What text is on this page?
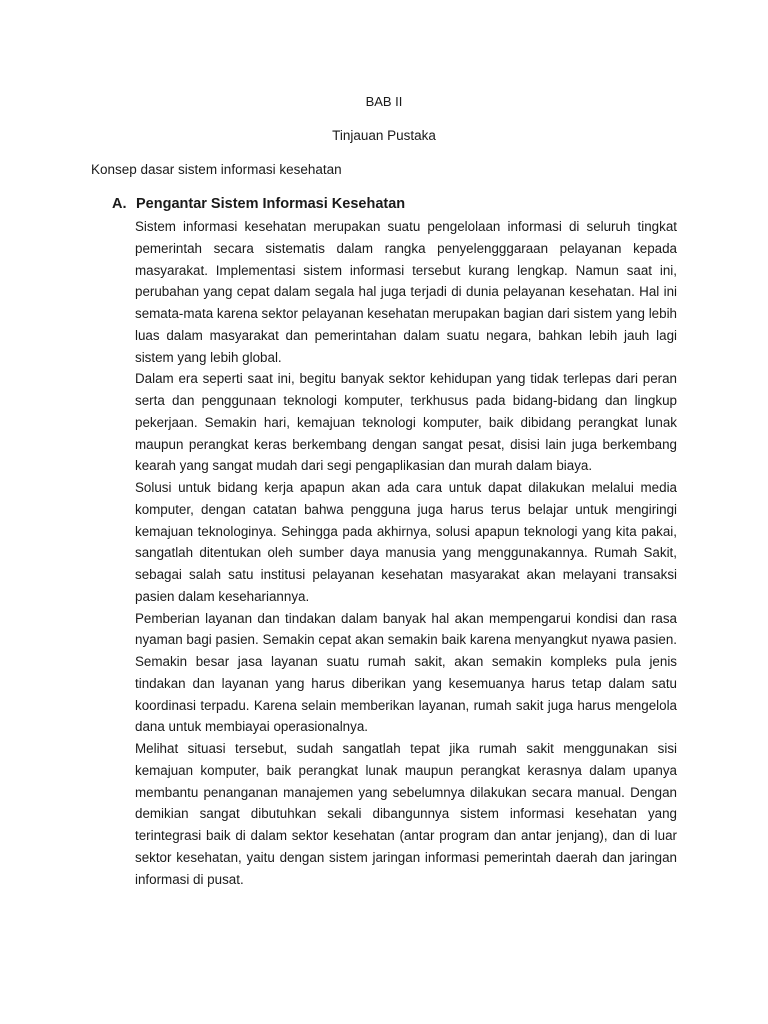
BAB II
Tinjauan Pustaka
Konsep dasar sistem informasi kesehatan
A. Pengantar Sistem Informasi Kesehatan

Sistem informasi kesehatan merupakan suatu pengelolaan informasi di seluruh tingkat pemerintah secara sistematis dalam rangka penyelengggaraan pelayanan kepada masyarakat. Implementasi sistem informasi tersebut kurang lengkap. Namun saat ini, perubahan yang cepat dalam segala hal juga terjadi di dunia pelayanan kesehatan. Hal ini semata-mata karena sektor pelayanan kesehatan merupakan bagian dari sistem yang lebih luas dalam masyarakat dan pemerintahan dalam suatu negara, bahkan lebih jauh lagi sistem yang lebih global.

Dalam era seperti saat ini, begitu banyak sektor kehidupan yang tidak terlepas dari peran serta dan penggunaan teknologi komputer, terkhusus pada bidang-bidang dan lingkup pekerjaan. Semakin hari, kemajuan teknologi komputer, baik dibidang perangkat lunak maupun perangkat keras berkembang dengan sangat pesat, disisi lain juga berkembang kearah yang sangat mudah dari segi pengaplikasian dan murah dalam biaya.

Solusi untuk bidang kerja apapun akan ada cara untuk dapat dilakukan melalui media komputer, dengan catatan bahwa pengguna juga harus terus belajar untuk mengiringi kemajuan teknologinya. Sehingga pada akhirnya, solusi apapun teknologi yang kita pakai, sangatlah ditentukan oleh sumber daya manusia yang menggunakannya. Rumah Sakit, sebagai salah satu institusi pelayanan kesehatan masyarakat akan melayani transaksi pasien dalam kesehariannya.

Pemberian layanan dan tindakan dalam banyak hal akan mempengarui kondisi dan rasa nyaman bagi pasien. Semakin cepat akan semakin baik karena menyangkut nyawa pasien. Semakin besar jasa layanan suatu rumah sakit, akan semakin kompleks pula jenis tindakan dan layanan yang harus diberikan yang kesemuanya harus tetap dalam satu koordinasi terpadu. Karena selain memberikan layanan, rumah sakit juga harus mengelola dana untuk membiayai operasionalnya.

Melihat situasi tersebut, sudah sangatlah tepat jika rumah sakit menggunakan sisi kemajuan komputer, baik perangkat lunak maupun perangkat kerasnya dalam upanya membantu penanganan manajemen yang sebelumnya dilakukan secara manual. Dengan demikian sangat dibutuhkan sekali dibangunnya sistem informasi kesehatan yang terintegrasi baik di dalam sektor kesehatan (antar program dan antar jenjang), dan di luar sektor kesehatan, yaitu dengan sistem jaringan informasi pemerintah daerah dan jaringan informasi di pusat.
